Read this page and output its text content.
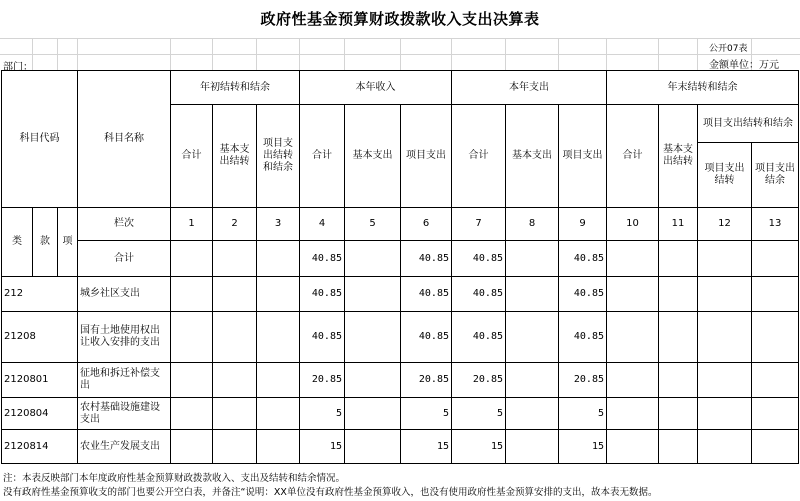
政府性基金预算财政拨款收入支出决算表
公开07表
金额单位：万元
部门：
科目代码			科目名称	年初结转和结余			本年收入			本年支出			年末结转和结余			
				合计	基本支出结转	项目支出结转和结余	合计	基本支出	项目支出	合计	基本支出	项目支出	合计	基本支出结转	项目支出结转和结余	
															项目支出结转	项目支出结余
类	款	项	栏次	1	2	3	4	5	6	7	8	9	10	11	12	13
			合计				40.85		40.85	40.85		40.85				
212			城乡社区支出				40.85		40.85	40.85		40.85				
21208			国有土地使用权出让收入安排的支出				40.85		40.85	40.85		40.85				
2120801			征地和拆迁补偿支出				20.85		20.85	20.85		20.85				
2120804			农村基础设施建设支出				5		5	5		5				
2120814			农业生产发展支出				15		15	15		15				
注：本表反映部门本年度政府性基金预算财政拨款收入、支出及结转和结余情况。
没有政府性基金预算收支的部门也要公开空白表，并备注“说明：XX单位没有政府性基金预算收入，也没有使用政府性基金预算安排的支出，故本表无数据。
